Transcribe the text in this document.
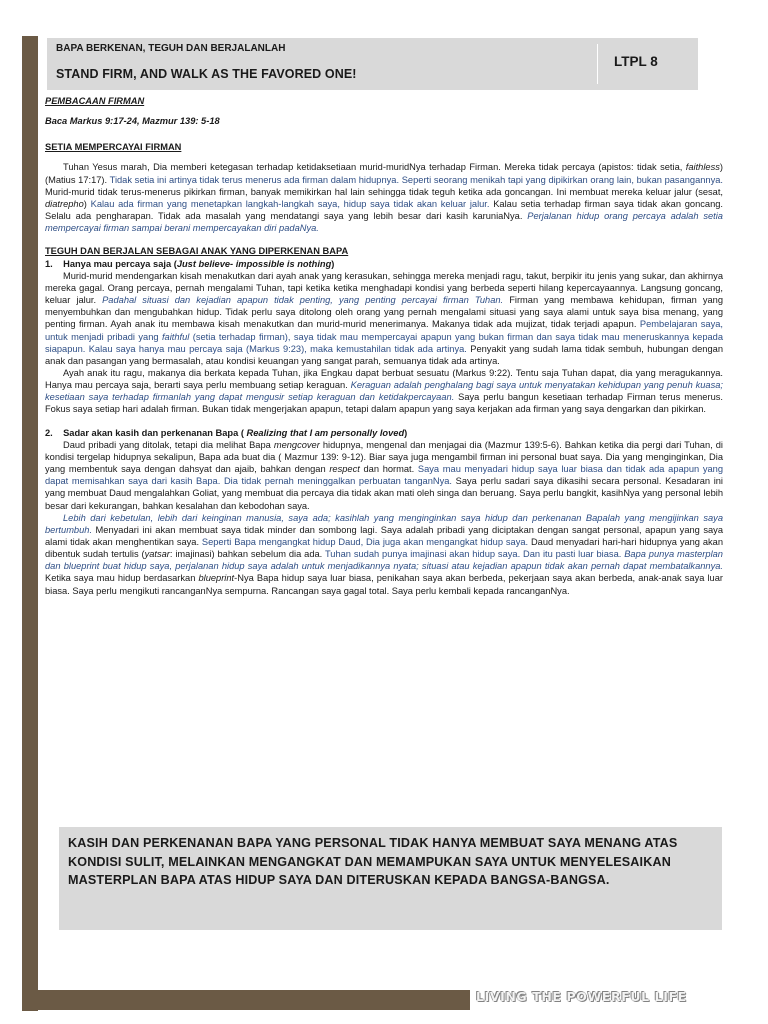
LIVING THE POWERFUL LIFE
BAPA BERKENAN, TEGUH DAN BERJALANLAH
STAND FIRM, AND WALK AS THE FAVORED ONE!
LTPL 8

PEMBACAAN FIRMAN

Baca Markus 9:17-24, Mazmur 139: 5-18

SETIA MEMPERCAYAI FIRMAN

Tuhan Yesus marah, Dia memberi ketegasan terhadap ketidaksetiaan murid-muridNya terhadap Firman. Mereka tidak percaya (apistos: tidak setia, faithless) (Matius 17:17). Tidak setia ini artinya tidak terus menerus ada firman dalam hidupnya. Seperti seorang menikah tapi yang dipikirkan orang lain, bukan pasangannya. Murid-murid tidak terus-menerus pikirkan firman, banyak memikirkan hal lain sehingga tidak teguh ketika ada goncangan. Ini membuat mereka keluar jalur (sesat, diatrepho) Kalau ada firman yang menetapkan langkah-langkah saya, hidup saya tidak akan keluar jalur. Kalau setia terhadap firman saya tidak akan goncang. Selalu ada pengharapan. Tidak ada masalah yang mendatangi saya yang lebih besar dari kasih karuniaNya. Perjalanan hidup orang percaya adalah setia mempercayai firman sampai berani mempercayakan diri padaNya.

TEGUH DAN BERJALAN SEBAGAI ANAK YANG DIPERKENAN BAPA

1. Hanya mau percaya saja (Just believe- impossible is nothing)

Murid-murid mendengarkan kisah menakutkan dari ayah anak yang kerasukan, sehingga mereka menjadi ragu, takut, berpikir itu jenis yang sukar, dan akhirnya mereka gagal. Orang percaya, pernah mengalami Tuhan, tapi ketika ketika menghadapi kondisi yang berbeda seperti hilang kepercayaannya. Langsung goncang, keluar jalur. Padahal situasi dan kejadian apapun tidak penting, yang penting percayai firman Tuhan. Firman yang membawa kehidupan, firman yang menyembuhkan dan mengubahkan hidup. Tidak perlu saya ditolong oleh orang yang pernah mengalami situasi yang saya alami untuk saya bisa menang, yang penting firman. Ayah anak itu membawa kisah menakutkan dan murid-murid menerimanya. Makanya tidak ada mujizat, tidak terjadi apapun. Pembelajaran saya, untuk menjadi pribadi yang faithful (setia terhadap firman), saya tidak mau mempercayai apapun yang bukan firman dan saya tidak mau meneruskannya kepada siapapun. Kalau saya hanya mau percaya saja (Markus 9:23), maka kemustahilan tidak ada artinya. Penyakit yang sudah lama tidak sembuh, hubungan dengan anak dan pasangan yang bermasalah, atau kondisi keuangan yang sangat parah, semuanya tidak ada artinya.

Ayah anak itu ragu, makanya dia berkata kepada Tuhan, jika Engkau dapat berbuat sesuatu (Markus 9:22). Tentu saja Tuhan dapat, dia yang meragukannya. Hanya mau percaya saja, berarti saya perlu membuang setiap keraguan. Keraguan adalah penghalang bagi saya untuk menyatakan kehidupan yang penuh kuasa; kesetiaan saya terhadap firmanlah yang dapat mengusir setiap keraguan dan ketidakpercayaan. Saya perlu bangun kesetiaan terhadap Firman terus menerus. Fokus saya setiap hari adalah firman. Bukan tidak mengerjakan apapun, tetapi dalam apapun yang saya kerjakan ada firman yang saya dengarkan dan pikirkan.

2. Sadar akan kasih dan perkenanan Bapa ( Realizing that I am personally loved)

Daud pribadi yang ditolak, tetapi dia melihat Bapa mengcover hidupnya, mengenal dan menjagai dia (Mazmur 139:5-6). Bahkan ketika dia pergi dari Tuhan, di kondisi tergelap hidupnya sekalipun, Bapa ada buat dia ( Mazmur 139: 9-12). Biar saya juga mengambil firman ini personal buat saya. Dia yang menginginkan, Dia yang membentuk saya dengan dahsyat dan ajaib, bahkan dengan respect dan hormat. Saya mau menyadari hidup saya luar biasa dan tidak ada apapun yang dapat memisahkan saya dari kasih Bapa. Dia tidak pernah meninggalkan perbuatan tanganNya. Saya perlu sadari saya dikasihi secara personal. Kesadaran ini yang membuat Daud mengalahkan Goliat, yang membuat dia percaya dia tidak akan mati oleh singa dan beruang. Saya perlu bangkit, kasihNya yang personal lebih besar dari kekurangan, bahkan kesalahan dan kebodohan saya.

Lebih dari kebetulan, lebih dari keinginan manusia, saya ada; kasihlah yang menginginkan saya hidup dan perkenanan Bapalah yang mengijinkan saya bertumbuh. Menyadari ini akan membuat saya tidak minder dan sombong lagi. Saya adalah pribadi yang diciptakan dengan sangat personal, apapun yang saya alami tidak akan menghentikan saya. Seperti Bapa mengangkat hidup Daud, Dia juga akan mengangkat hidup saya. Daud menyadari hari-hari hidupnya yang akan dibentuk sudah tertulis (yatsar: imajinasi) bahkan sebelum dia ada. Tuhan sudah punya imajinasi akan hidup saya. Dan itu pasti luar biasa. Bapa punya masterplan dan blueprint buat hidup saya, perjalanan hidup saya adalah untuk menjadikannya nyata; situasi atau kejadian apapun tidak akan pernah dapat membatalkannya. Ketika saya mau hidup berdasarkan blueprint-Nya Bapa hidup saya luar biasa, penikahan saya akan berbeda, pekerjaan saya akan berbeda, anak-anak saya luar biasa. Saya perlu mengikuti rancanganNya sempurna. Rancangan saya gagal total. Saya perlu kembali kepada rancanganNya.

KASIH DAN PERKENANAN BAPA YANG PERSONAL TIDAK HANYA MEMBUAT SAYA MENANG ATAS KONDISI SULIT, MELAINKAN MENGANGKAT DAN MEMAMPUKAN SAYA UNTUK MENYELESAIKAN MASTERPLAN BAPA ATAS HIDUP SAYA DAN DITERUSKAN KEPADA BANGSA-BANGSA.
